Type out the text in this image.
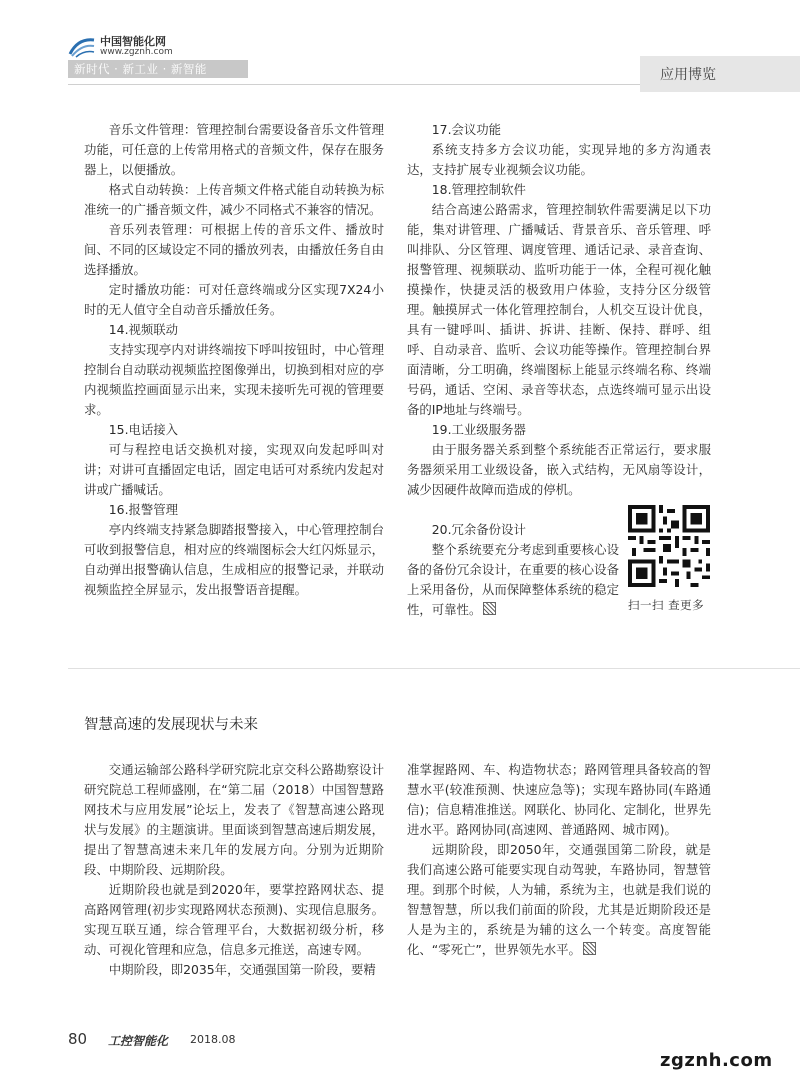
中国智能化网
www.zgznh.com
新时代 · 新工业 · 新智能	应用博览

音乐文件管理：管理控制台需要设备音乐文件管理功能，可任意的上传常用格式的音频文件，保存在服务器上，以便播放。

格式自动转换：上传音频文件格式能自动转换为标准统一的广播音频文件，减少不同格式不兼容的情况。

音乐列表管理：可根据上传的音乐文件、播放时间、不同的区域设定不同的播放列表，由播放任务自由选择播放。

定时播放功能：可对任意终端或分区实现7X24小时的无人值守全自动音乐播放任务。

14.视频联动

支持实现亭内对讲终端按下呼叫按钮时，中心管理控制台自动联动视频监控图像弹出，切换到相对应的亭内视频监控画面显示出来，实现未接听先可视的管理要求。

15.电话接入

可与程控电话交换机对接，实现双向发起呼叫对讲；对讲可直播固定电话，固定电话可对系统内发起对讲或广播喊话。

16.报警管理

亭内终端支持紧急脚踏报警接入，中心管理控制台可收到报警信息，相对应的终端图标会大红闪烁显示，自动弹出报警确认信息，生成相应的报警记录，并联动视频监控全屏显示，发出报警语音提醒。

17.会议功能

系统支持多方会议功能，实现异地的多方沟通表达，支持扩展专业视频会议功能。

18.管理控制软件

结合高速公路需求，管理控制软件需要满足以下功能，集对讲管理、广播喊话、背景音乐、音乐管理、呼叫排队、分区管理、调度管理、通话记录、录音查询、报警管理、视频联动、监听功能于一体，全程可视化触摸操作，快捷灵活的极致用户体验，支持分区分级管理。触摸屏式一体化管理控制台，人机交互设计优良，具有一键呼叫、插讲、拆讲、挂断、保持、群呼、组呼、自动录音、监听、会议功能等操作。管理控制台界面清晰，分工明确，终端图标上能显示终端名称、终端号码，通话、空闲、录音等状态，点选终端可显示出设备的IP地址与终端号。

19.工业级服务器

由于服务器关系到整个系统能否正常运行，要求服务器须采用工业级设备，嵌入式结构，无风扇等设计，减少因硬件故障而造成的停机。

20.冗余备份设计

整个系统要充分考虑到重要核心设备的备份冗余设计，在重要的核心设备上采用备份，从而保障整体系统的稳定性，可靠性。	扫一扫 查更多
智慧高速的发展现状与未来

交通运输部公路科学研究院北京交科公路勘察设计研究院总工程师盛刚，在“第二届（2018）中国智慧路网技术与应用发展”论坛上，发表了《智慧高速公路现状与发展》的主题演讲。里面谈到智慧高速后期发展，提出了智慧高速未来几年的发展方向。分别为近期阶段、中期阶段、远期阶段。

近期阶段也就是到2020年，要掌控路网状态、提高路网管理(初步实现路网状态预测)、实现信息服务。实现互联互通，综合管理平台，大数据初级分析，移动、可视化管理和应急，信息多元推送，高速专网。

中期阶段，即2035年，交通强国第一阶段，要精

准掌握路网、车、构造物状态；路网管理具备较高的智慧水平(较准预测、快速应急等)；实现车路协同(车路通信)；信息精准推送。网联化、协同化、定制化，世界先进水平。路网协同(高速网、普通路网、城市网)。

远期阶段，即2050年，交通强国第二阶段，就是我们高速公路可能要实现自动驾驶，车路协同，智慧管理。到那个时候，人为辅，系统为主，也就是我们说的智慧智慧，所以我们前面的阶段，尤其是近期阶段还是人是为主的，系统是为辅的这么一个转变。高度智能化、“零死亡”，世界领先水平。

80 工控智能化 2018.08
zgznh.com
